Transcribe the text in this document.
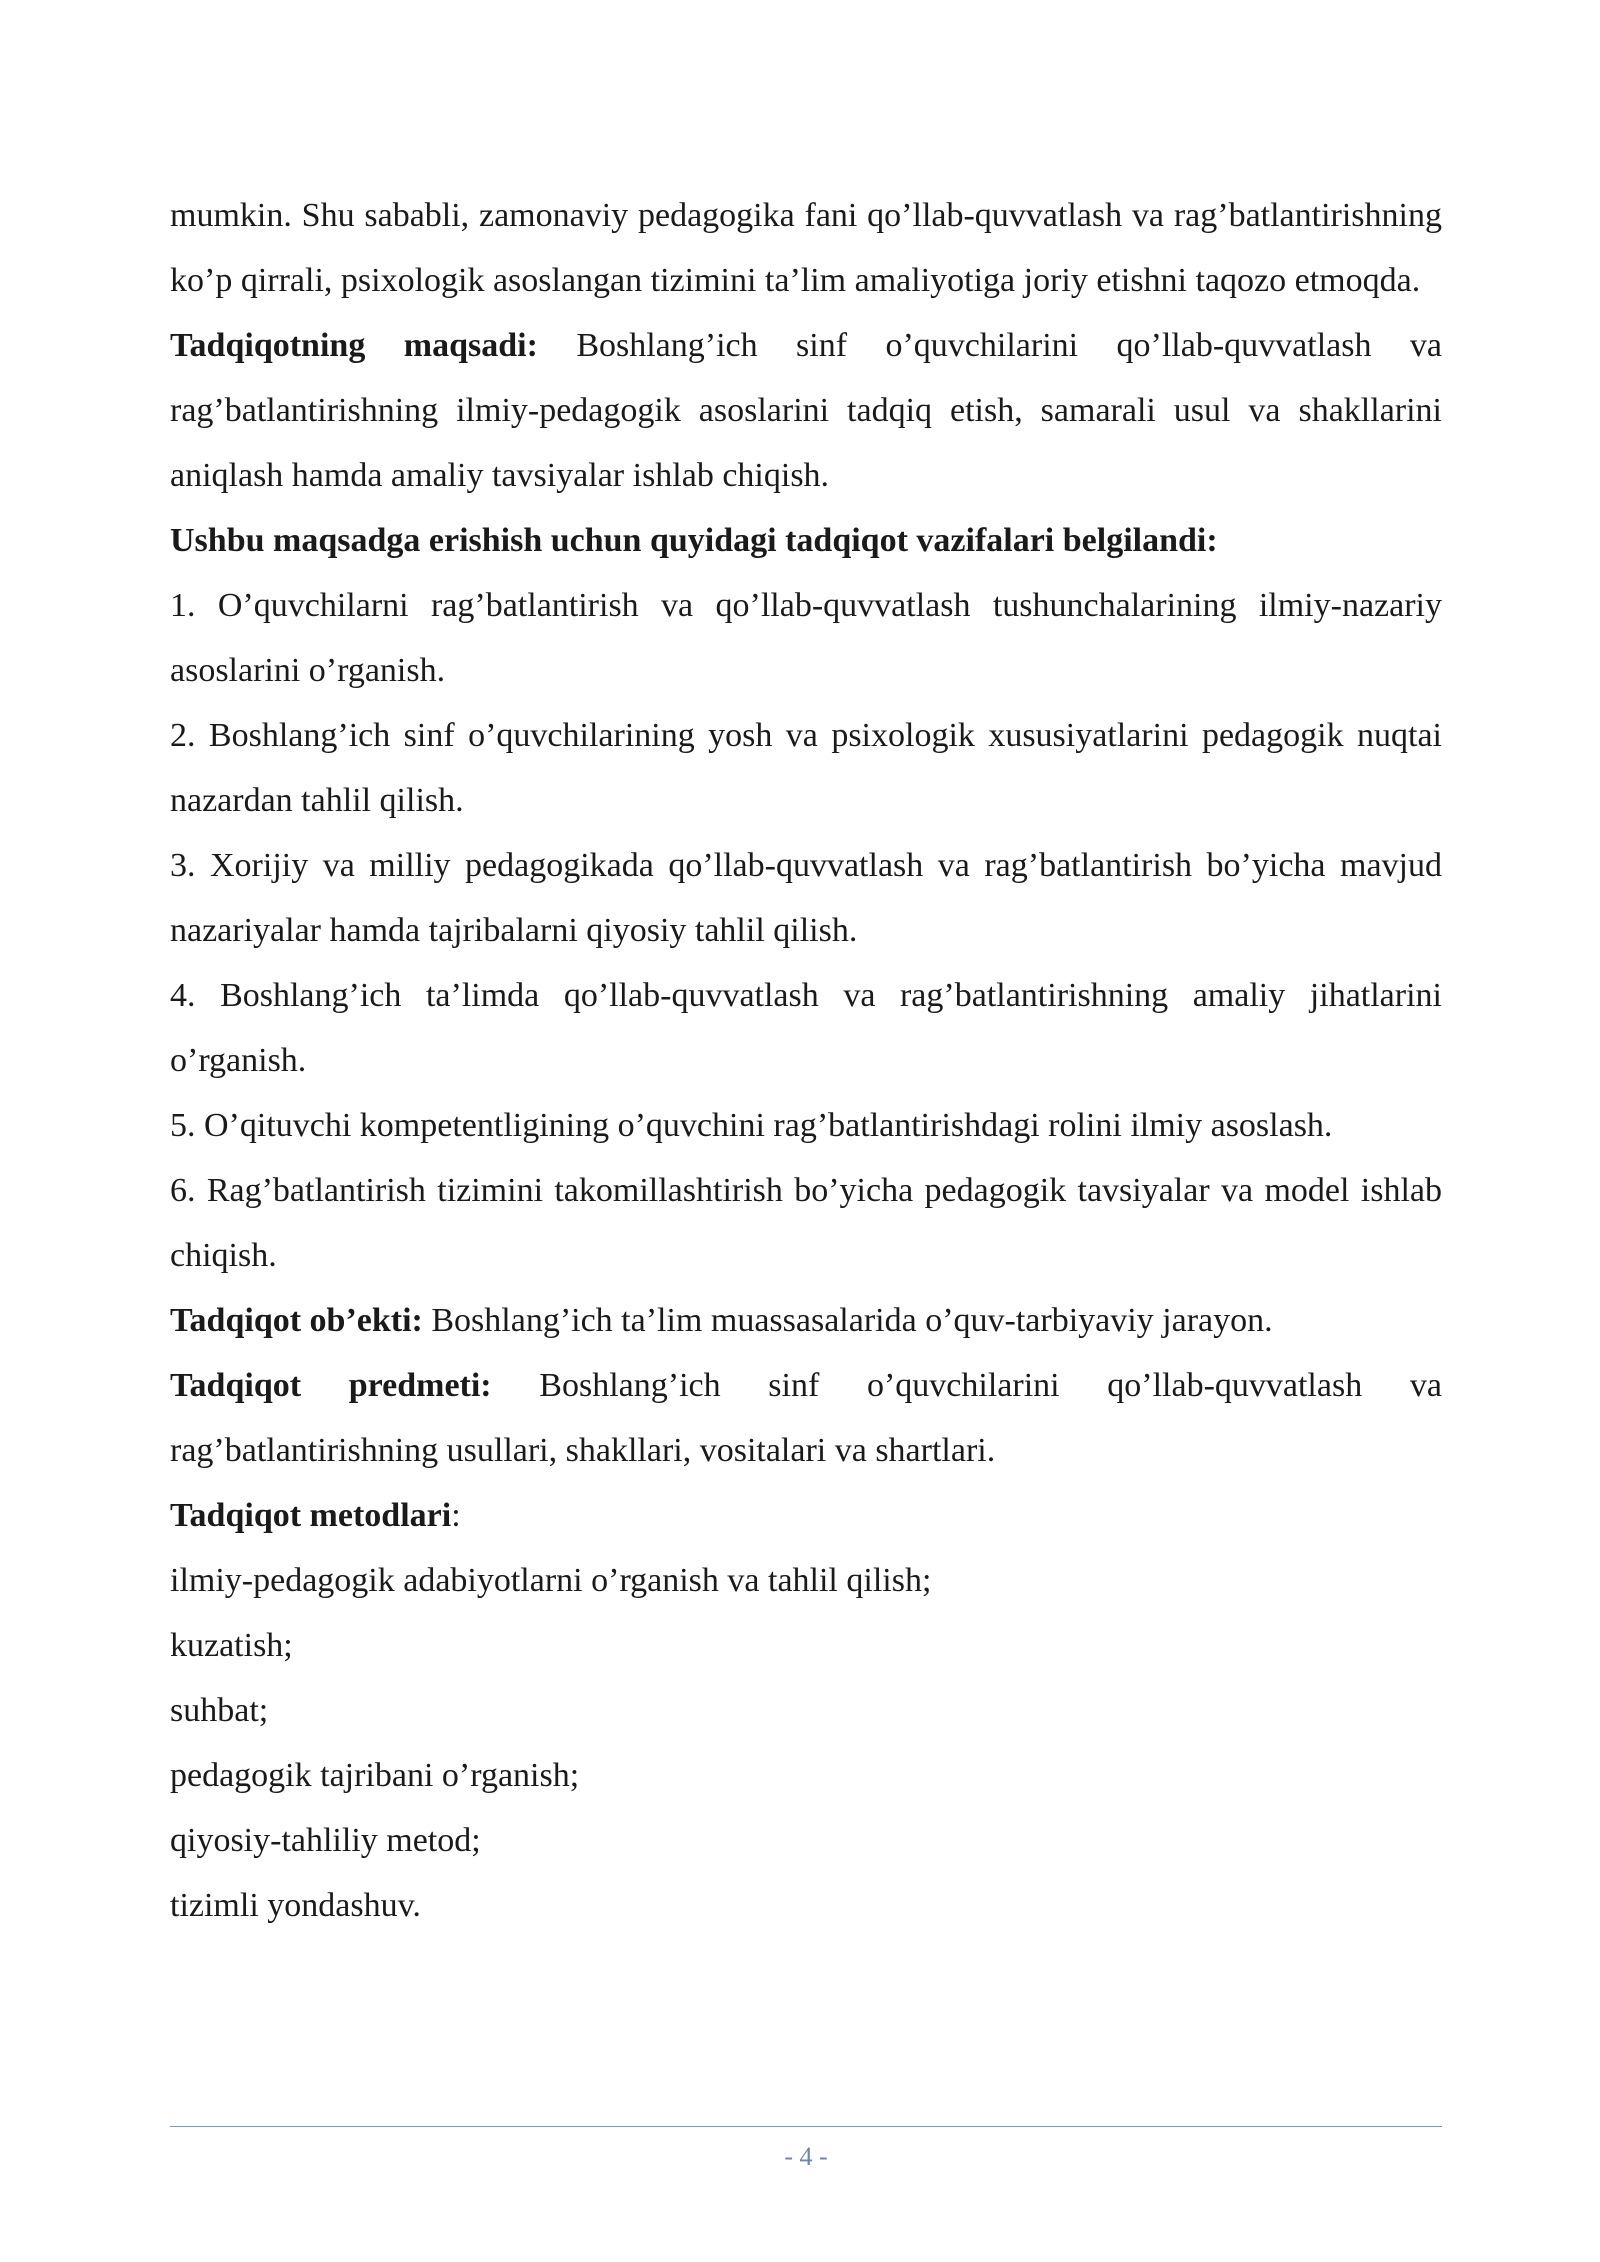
mumkin. Shu sababli, zamonaviy pedagogika fani qo’llab-quvvatlash va rag’batlantirishning ko’p qirrali, psixologik asoslangan tizimini ta’lim amaliyotiga joriy etishni taqozo etmoqda.

Tadqiqotning maqsadi: Boshlang’ich sinf o’quvchilarini qo’llab-quvvatlash va rag’batlantirishning ilmiy-pedagogik asoslarini tadqiq etish, samarali usul va shakllarini aniqlash hamda amaliy tavsiyalar ishlab chiqish.

Ushbu maqsadga erishish uchun quyidagi tadqiqot vazifalari belgilandi:

1. O’quvchilarni rag’batlantirish va qo’llab-quvvatlash tushunchalarining ilmiy-nazariy asoslarini o’rganish.

2. Boshlang’ich sinf o’quvchilarining yosh va psixologik xususiyatlarini pedagogik nuqtai nazardan tahlil qilish.

3. Xorijiy va milliy pedagogikada qo’llab-quvvatlash va rag’batlantirish bo’yicha mavjud nazariyalar hamda tajribalarni qiyosiy tahlil qilish.

4. Boshlang’ich ta’limda qo’llab-quvvatlash va rag’batlantirishning amaliy jihatlarini o’rganish.

5. O’qituvchi kompetentligining o’quvchini rag’batlantirishdagi rolini ilmiy asoslash.

6. Rag’batlantirish tizimini takomillashtirish bo’yicha pedagogik tavsiyalar va model ishlab chiqish.

Tadqiqot ob’ekti: Boshlang’ich ta’lim muassasalarida o’quv-tarbiyaviy jarayon.

Tadqiqot predmeti: Boshlang’ich sinf o’quvchilarini qo’llab-quvvatlash va rag’batlantirishning usullari, shakllari, vositalari va shartlari.

Tadqiqot metodlari:

ilmiy-pedagogik adabiyotlarni o’rganish va tahlil qilish;
kuzatish;
suhbat;
pedagogik tajribani o’rganish;
qiyosiy-tahliliy metod;
tizimli yondashuv.
- 4 -
